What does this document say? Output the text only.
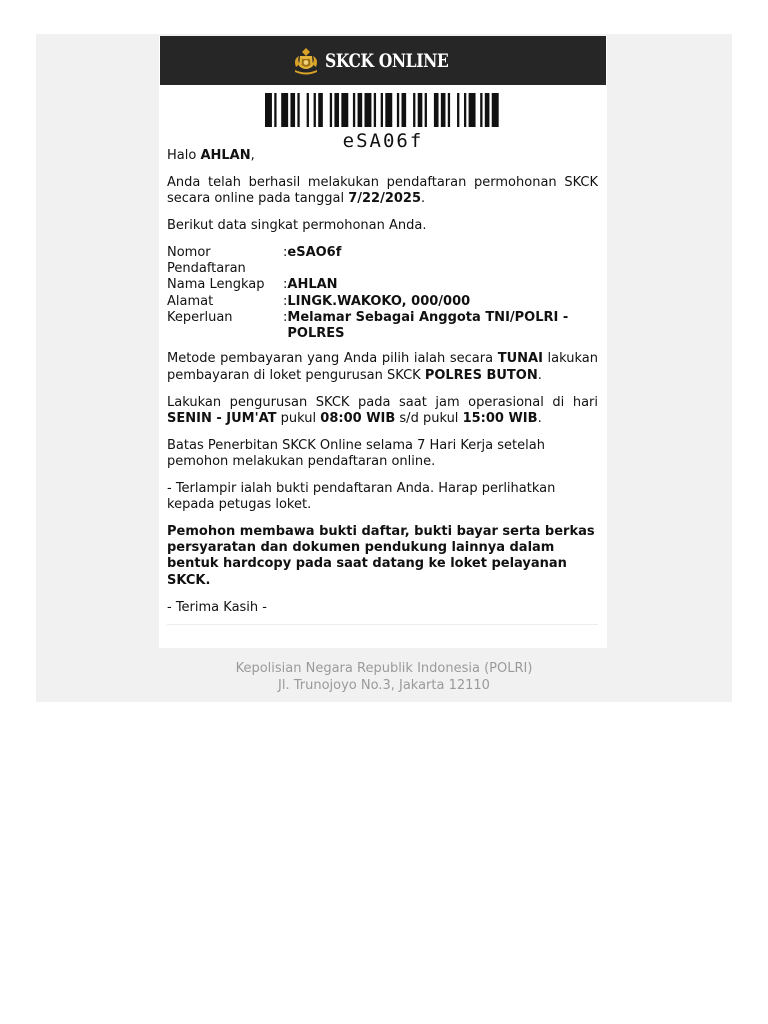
SKCK ONLINE
eSA06f

Halo AHLAN,

Anda telah berhasil melakukan pendaftaran permohonan SKCK secara online pada tanggal 7/22/2025.

Berikut data singkat permohonan Anda.

Nomor Pendaftaran	:	eSAO6f
Nama Lengkap	:	AHLAN
Alamat	:	LINGK.WAKOKO, 000/000
Keperluan	:	Melamar Sebagai Anggota TNI/POLRI - POLRES

Metode pembayaran yang Anda pilih ialah secara TUNAI lakukan pembayaran di loket pengurusan SKCK POLRES BUTON.

Lakukan pengurusan SKCK pada saat jam operasional di hari SENIN - JUM'AT pukul 08:00 WIB s/d pukul 15:00 WIB.

Batas Penerbitan SKCK Online selama 7 Hari Kerja setelah pemohon melakukan pendaftaran online.

- Terlampir ialah bukti pendaftaran Anda. Harap perlihatkan kepada petugas loket.

Pemohon membawa bukti daftar, bukti bayar serta berkas persyaratan dan dokumen pendukung lainnya dalam bentuk hardcopy pada saat datang ke loket pelayanan SKCK.

- Terima Kasih -

Kepolisian Negara Republik Indonesia (POLRI)
Jl. Trunojoyo No.3, Jakarta 12110
